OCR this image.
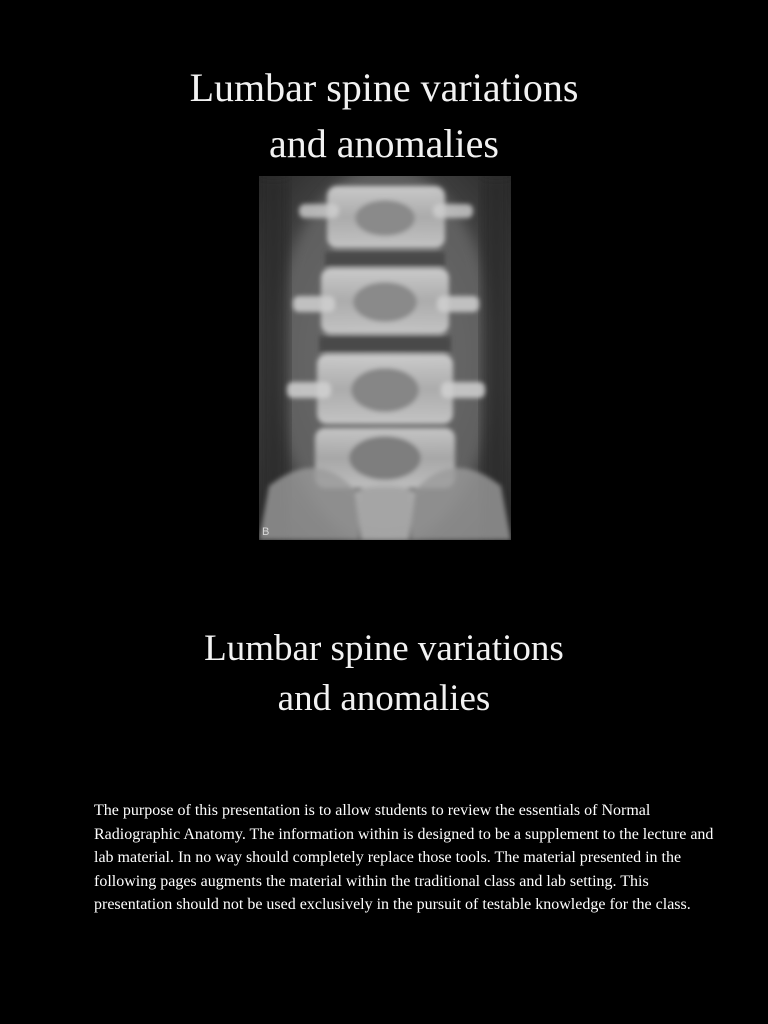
Lumbar spine variations
and anomalies
B
Lumbar spine variations
and anomalies

The purpose of this presentation is to allow students to review the essentials of Normal Radiographic Anatomy. The information within is designed to be a supplement to the lecture and lab material. In no way should completely replace those tools. The material presented in the following pages augments the material within the traditional class and lab setting. This presentation should not be used exclusively in the pursuit of testable knowledge for the class.
